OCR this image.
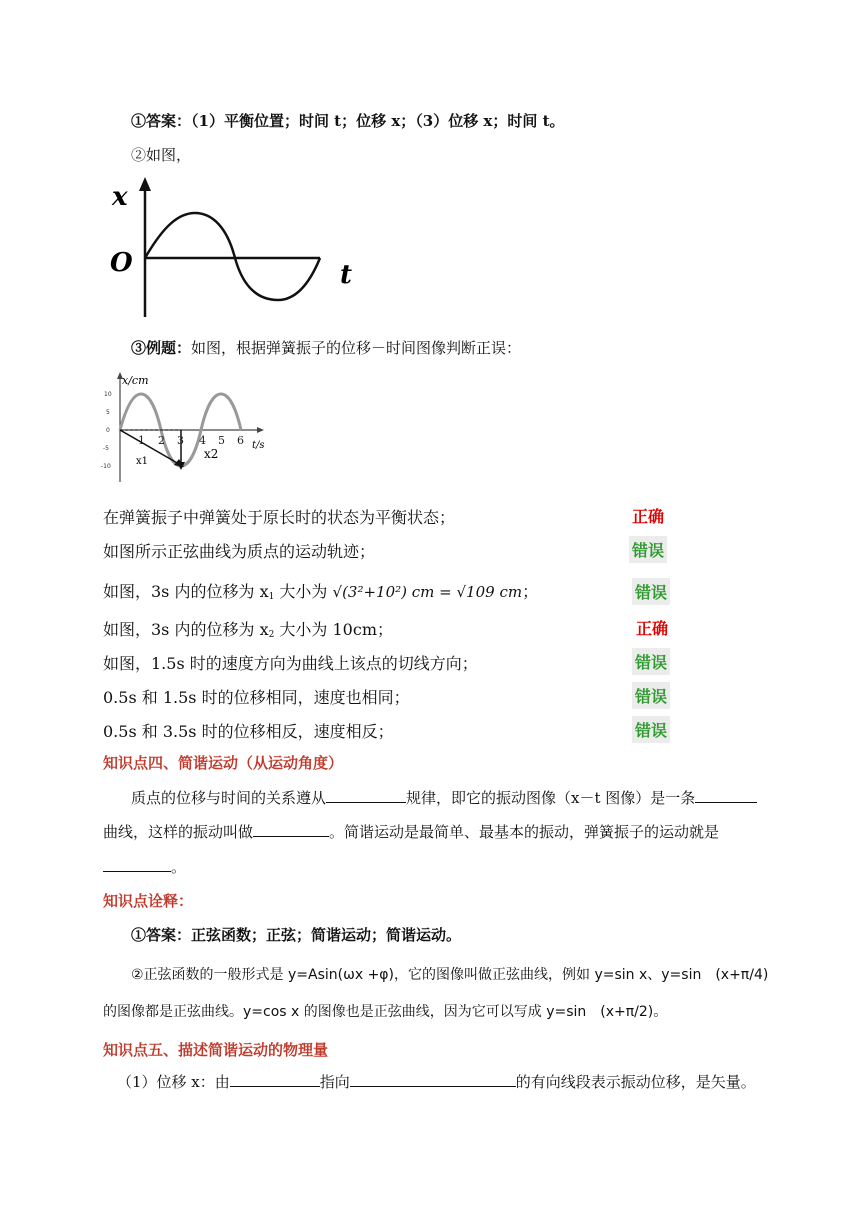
①答案：（1）平衡位置；时间 t；位移 x；（3）位移 x；时间 t。
②如图，
x
O	t
③例题：如图，根据弹簧振子的位移－时间图像判断正误：
x/cm
t/s
10
5
0
-5
-10
1 2 3 4 5 6
x1
x2
在弹簧振子中弹簧处于原长时的状态为平衡状态；	正确
如图所示正弦曲线为质点的运动轨迹；	错误
如图，3s 内的位移为 $x_1$ 大小为 √(3²+10²) cm = √109 cm；	错误
如图，3s 内的位移为 $x_2$ 大小为 10cm；	正确
如图，1.5s 时的速度方向为曲线上该点的切线方向；	错误
0.5s 和 1.5s 时的位移相同，速度也相同；	错误
0.5s 和 3.5s 时的位移相反，速度相反；	错误
知识点四、简谐运动（从运动角度）
质点的位移与时间的关系遵从	规律，即它的振动图像（x－t 图像）是一条
曲线，这样的振动叫做	。简谐运动是最简单、最基本的振动，弹簧振子的运动就是
。
知识点诠释：
①答案：正弦函数；正弦；简谐运动；简谐运动。
②正弦函数的一般形式是 y=Asin(ωx +φ)，它的图像叫做正弦曲线，例如 y=sin x、y=sin　(x+π/4)
的图像都是正弦曲线。y=cos x 的图像也是正弦曲线，因为它可以写成 y=sin　(x+π/2)。
知识点五、描述简谐运动的物理量
（1）位移 x：由	指向	的有向线段表示振动位移，是矢量。
